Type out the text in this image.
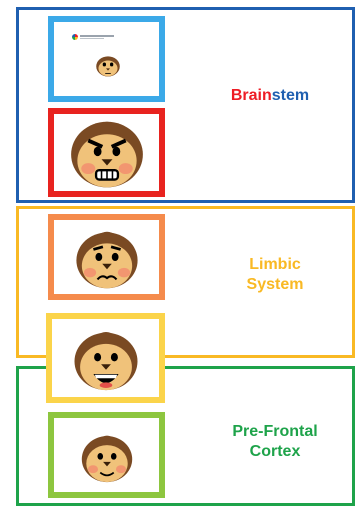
Brainstem
Limbic
System
Pre-Frontal
Cortex
